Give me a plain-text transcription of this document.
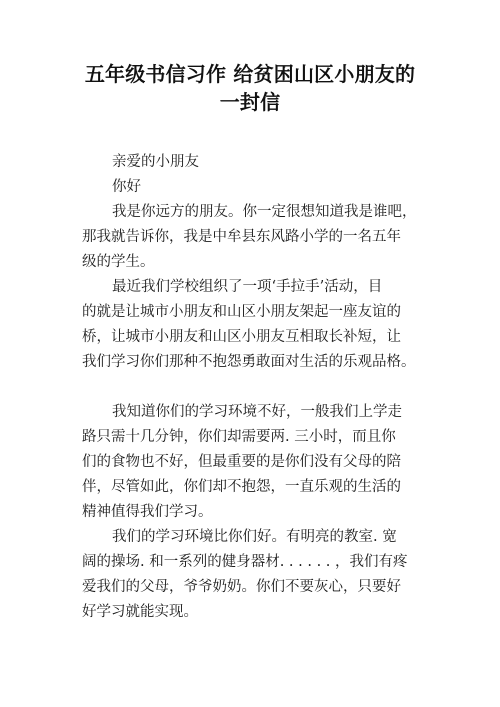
五年级书信习作 给贫困山区小朋友的
一封信
亲爱的小朋友
你好
我是你远方的朋友。你一定很想知道我是谁吧，
那我就告诉你，我是中牟县东风路小学的一名五年
级的学生。
最近我们学校组织了一项‘手拉手’活动，目
的就是让城市小朋友和山区小朋友架起一座友谊的
桥，让城市小朋友和山区小朋友互相取长补短，让
我们学习你们那种不抱怨勇敢面对生活的乐观品格。
我知道你们的学习环境不好，一般我们上学走
路只需十几分钟，你们却需要两. 三小时，而且你
们的食物也不好，但最重要的是你们没有父母的陪
伴，尽管如此，你们却不抱怨，一直乐观的生活的
精神值得我们学习。
我们的学习环境比你们好。有明亮的教室. 宽
阔的操场. 和一系列的健身器材. . . . . . ，我们有疼
爱我们的父母，爷爷奶奶。你们不要灰心，只要好
好学习就能实现。
